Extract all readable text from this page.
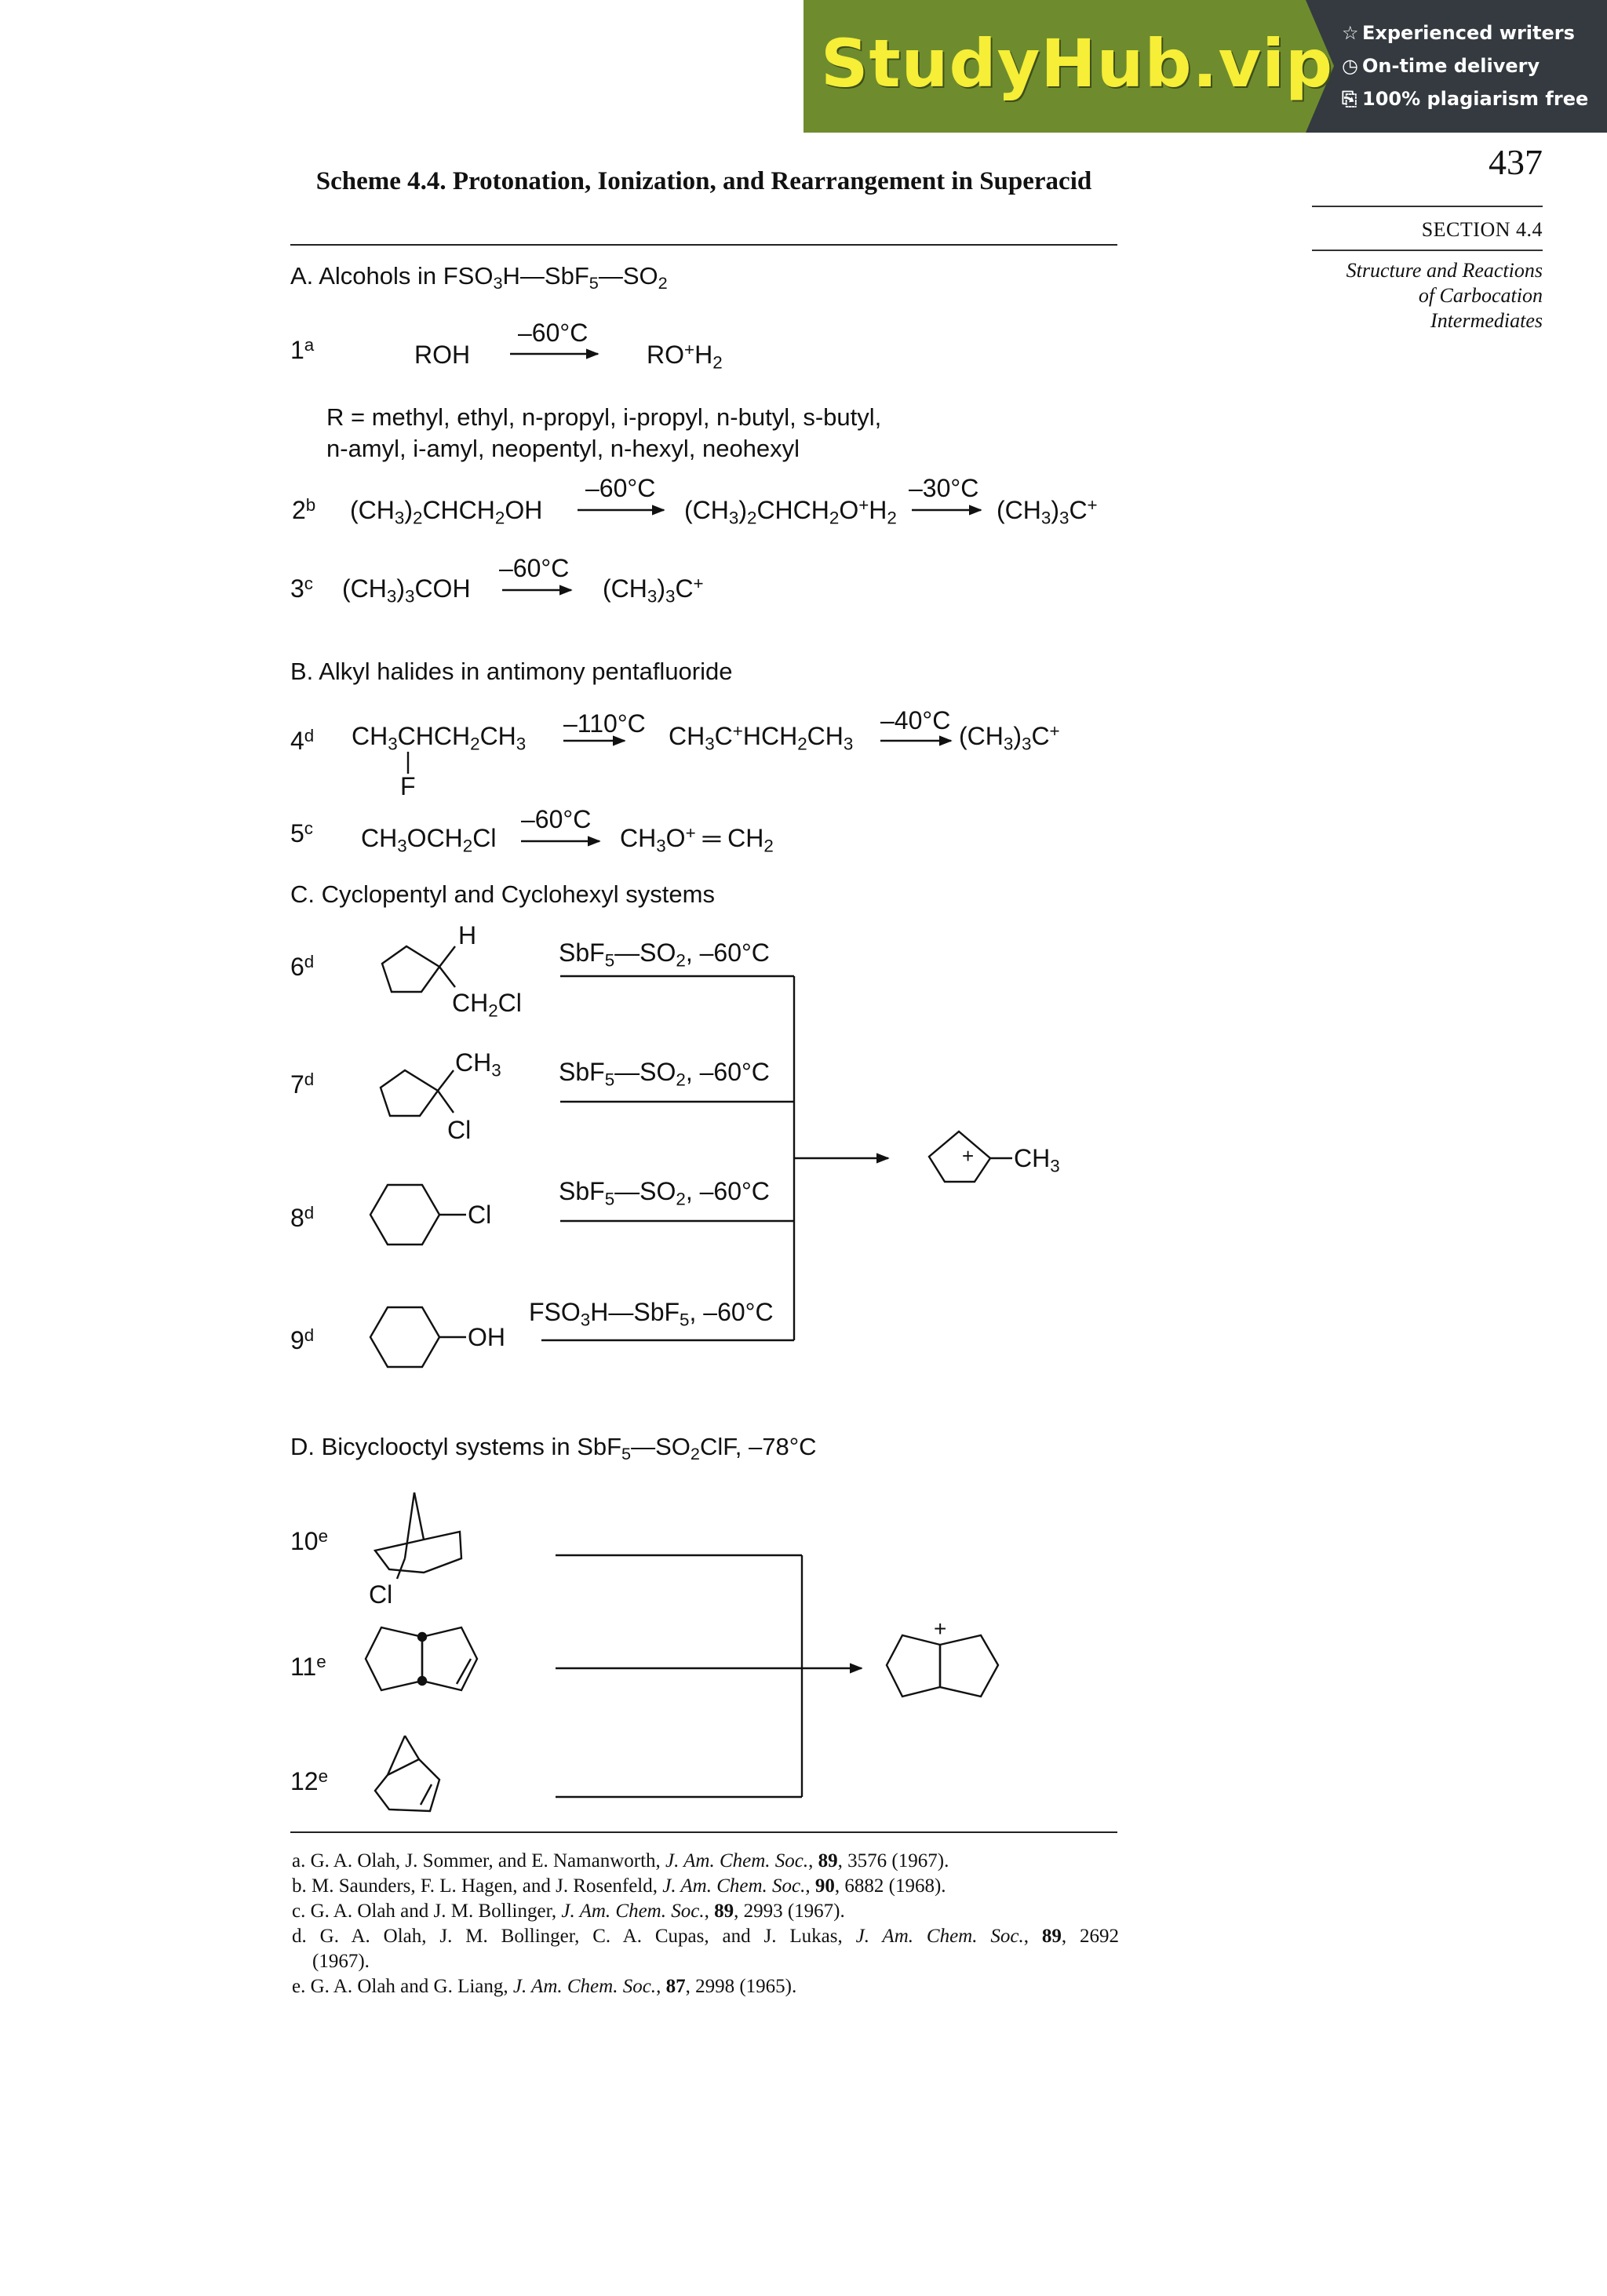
StudyHub.vip ☆ Experienced writers
◷ On-time delivery
⎘ 100% plagiarism free
437
SECTION 4.4
Structure and Reactions
of Carbocation
Intermediates
Scheme 4.4. Protonation, Ionization, and Rearrangement in Superacid
A. Alcohols in $FSO_3H—SbF_5—SO_2$
1$^a$	ROH
–60°C
$RO^+H_2$
R = methyl, ethyl, n-propyl, i-propyl, n-butyl, s-butyl,
n-amyl, i-amyl, neopentyl, n-hexyl, neohexyl
2$^b$ $(CH_3)_2CHCH_2OH$
–60°C
$(CH_3)_2CHCH_2O^+H_2$
–30°C
$(CH_3)_3C^+$
3$^c$ $(CH_3)_3COH$
–60°C
$(CH_3)_3C^+$
B. Alkyl halides in antimony pentafluoride
4$^d$ $CH_3CHCH_2CH_3$
F
–110°C $CH_3C^+HCH_2CH_3$
–40°C
$(CH_3)_3C^+$
5$^c$ $CH_3OCH_2Cl$
–60°C
$CH_3O^+$ ═ $CH_2$
C. Cyclopentyl and Cyclohexyl systems
6$^d$
H
$CH_2Cl$
$SbF_5—SO_2$, –60°C
7$^d$
$CH_3$
Cl
$SbF_5—SO_2$, –60°C
8$^d$	Cl
$SbF_5—SO_2$, –60°C
9$^d$	OH
$FSO_3H—SbF_5$, –60°C
+ $CH_3$
D. Bicyclooctyl systems in $SbF_5—SO_2ClF$, –78°C
10e
Cl
11e
$12^e$
+
a. G. A. Olah, J. Sommer, and E. Namanworth, J. Am. Chem. Soc., 89, 3576 (1967).
b. M. Saunders, F. L. Hagen, and J. Rosenfeld, J. Am. Chem. Soc., 90, 6882 (1968).
c. G. A. Olah and J. M. Bollinger, J. Am. Chem. Soc., 89, 2993 (1967).
d. G. A. Olah, J. M. Bollinger, C. A. Cupas, and J. Lukas, J. Am. Chem. Soc., 89, 2692
(1967).
e. G. A. Olah and G. Liang, J. Am. Chem. Soc., 87, 2998 (1965).
